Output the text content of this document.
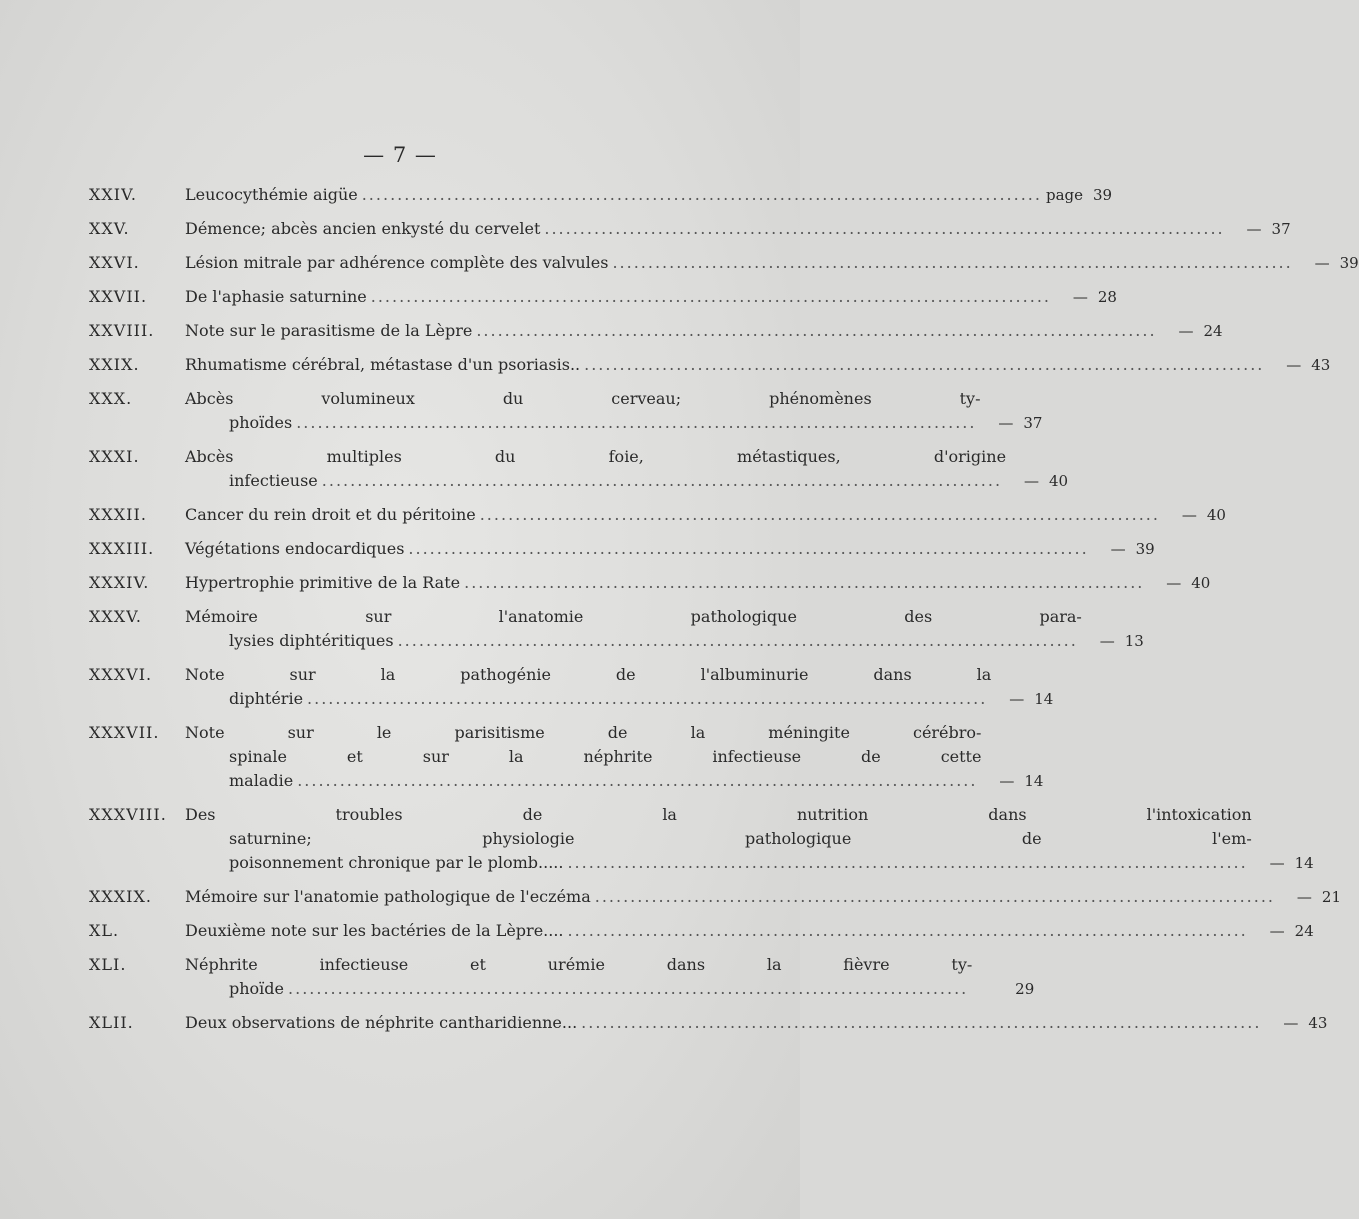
— 7 —
XXIV.	Leucocythémie aigüe .....	page 39
XXV.	Démence; abcès ancien enkysté du cervelet .....	— 37
XXVI.	Lésion mitrale par adhérence complète des valvules .....	— 39
XXVII.	De l'aphasie saturnine .....	— 28
XXVIII.	Note sur le parasitisme de la Lèpre .....	— 24
XXIX.	Rhumatisme cérébral, métastase d'un psoriasis.. .....	— 43
XXX.	Abcès volumineux du cerveau; phénomènes ty-
phoïdes .....	— 37
XXXI.	Abcès multiples du foie, métastiques, d'origine
infectieuse .....	— 40
XXXII.	Cancer du rein droit et du péritoine .....	— 40
XXXIII.	Végétations endocardiques .....	— 39
XXXIV.	Hypertrophie primitive de la Rate .....	— 40
XXXV.	Mémoire sur l'anatomie pathologique des para-
lysies diphtéritiques .....	— 13
XXXVI.	Note sur la pathogénie de l'albuminurie dans la
diphtérie .....	— 14
XXXVII.	Note sur le parisitisme de la méningite cérébro-
spinale et sur la néphrite infectieuse de cette
maladie .....	— 14
XXXVIII.	Des troubles de la nutrition dans l'intoxication
saturnine; physiologie pathologique de l'em-
poisonnement chronique par le plomb..... .....	— 14
XXXIX.	Mémoire sur l'anatomie pathologique de l'eczéma .....	— 21
XL.	Deuxième note sur les bactéries de la Lèpre.... .....	— 24
XLI.	Néphrite infectieuse et urémie dans la fièvre ty-
phoïde .....	29
XLII.	Deux observations de néphrite cantharidienne... .....	— 43
